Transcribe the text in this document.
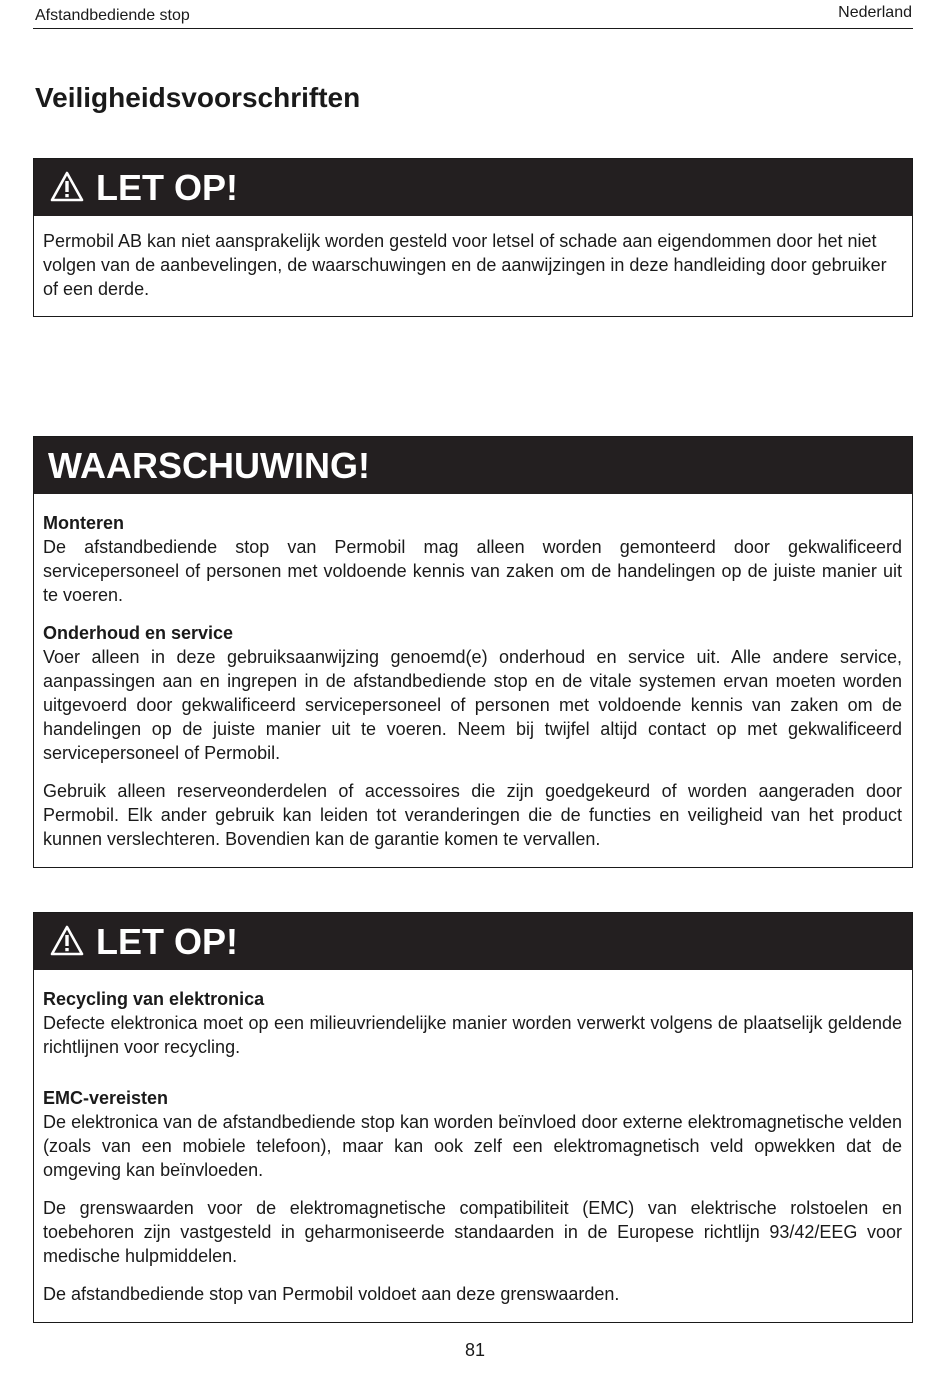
Afstandbediende stop	Nederland
Veiligheidsvoorschriften
LET OP!

Permobil AB kan niet aansprakelijk worden gesteld voor letsel of schade aan eigendommen door het niet volgen van de aanbevelingen, de waarschuwingen en de aanwijzingen in deze handleiding door gebruiker of een derde.

WAARSCHUWING!
Monteren

De afstandbediende stop van Permobil mag alleen worden gemonteerd door gekwalificeerd servicepersoneel of personen met voldoende kennis van zaken om de handelingen op de juiste manier uit te voeren.

Onderhoud en service

Voer alleen in deze gebruiksaanwijzing genoemd(e) onderhoud en service uit. Alle andere service, aanpassingen aan en ingrepen in de afstandbediende stop en de vitale systemen ervan moeten worden uitgevoerd door gekwalificeerd servicepersoneel of personen met voldoende kennis van zaken om de handelingen op de juiste manier uit te voeren. Neem bij twijfel altijd contact op met gekwalificeerd servicepersoneel of Permobil.

Gebruik alleen reserveonderdelen of accessoires die zijn goedgekeurd of worden aangeraden door Permobil. Elk ander gebruik kan leiden tot veranderingen die de functies en veiligheid van het product kunnen verslechteren. Bovendien kan de garantie komen te vervallen.

LET OP!
Recycling van elektronica

Defecte elektronica moet op een milieuvriendelijke manier worden verwerkt volgens de plaatselijk geldende richtlijnen voor recycling.

EMC-vereisten

De elektronica van de afstandbediende stop kan worden beïnvloed door externe elektromagnetische velden (zoals van een mobiele telefoon), maar kan ook zelf een elektromagnetisch veld opwekken dat de omgeving kan beïnvloeden.

De grenswaarden voor de elektromagnetische compatibiliteit (EMC) van elektrische rolstoelen en toebehoren zijn vastgesteld in geharmoniseerde standaarden in de Europese richtlijn 93/42/EEG voor medische hulpmiddelen.

De afstandbediende stop van Permobil voldoet aan deze grenswaarden.

81
